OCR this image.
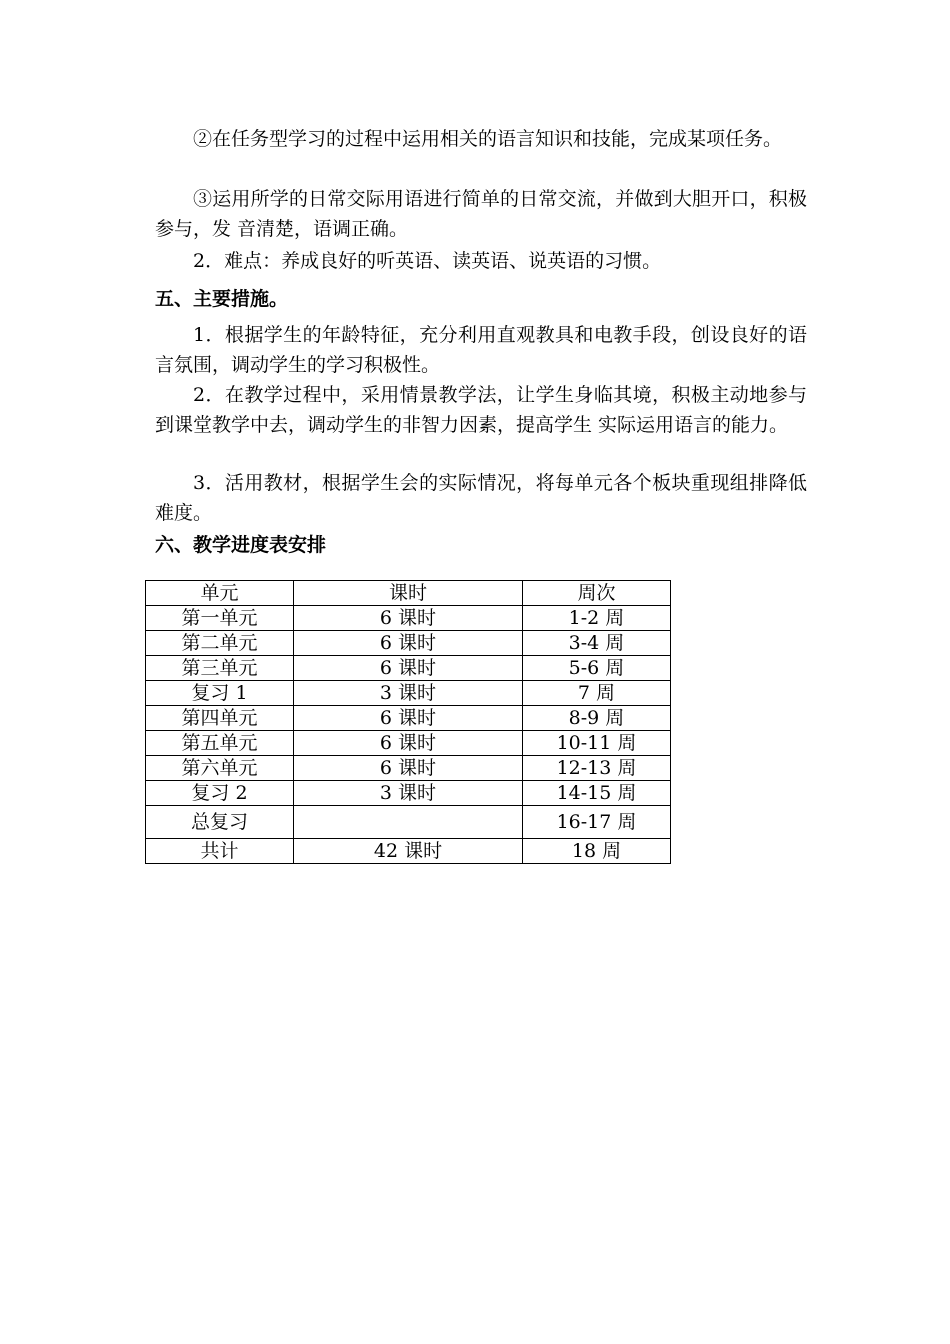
②在任务型学习的过程中运用相关的语言知识和技能，完成某项任务。

③运用所学的日常交际用语进行简单的日常交流，并做到大胆开口，积极参与，发 音清楚，语调正确。

2．难点：养成良好的听英语、读英语、说英语的习惯。

五、主要措施。

1．根据学生的年龄特征，充分利用直观教具和电教手段，创设良好的语言氛围，调动学生的学习积极性。

2．在教学过程中，采用情景教学法，让学生身临其境，积极主动地参与到课堂教学中去，调动学生的非智力因素，提高学生 实际运用语言的能力。

3．活用教材，根据学生会的实际情况，将每单元各个板块重现组排降低难度。

六、教学进度表安排
单元	课时	周次
第一单元	6 课时	1-2 周
第二单元	6 课时	3-4 周
第三单元	6 课时	5-6 周
复习 1	3 课时	7 周
第四单元	6 课时	8-9 周
第五单元	6 课时	10-11 周
第六单元	6 课时	12-13 周
复习 2	3 课时	14-15 周
总复习		16-17 周
共计	42 课时	18 周
